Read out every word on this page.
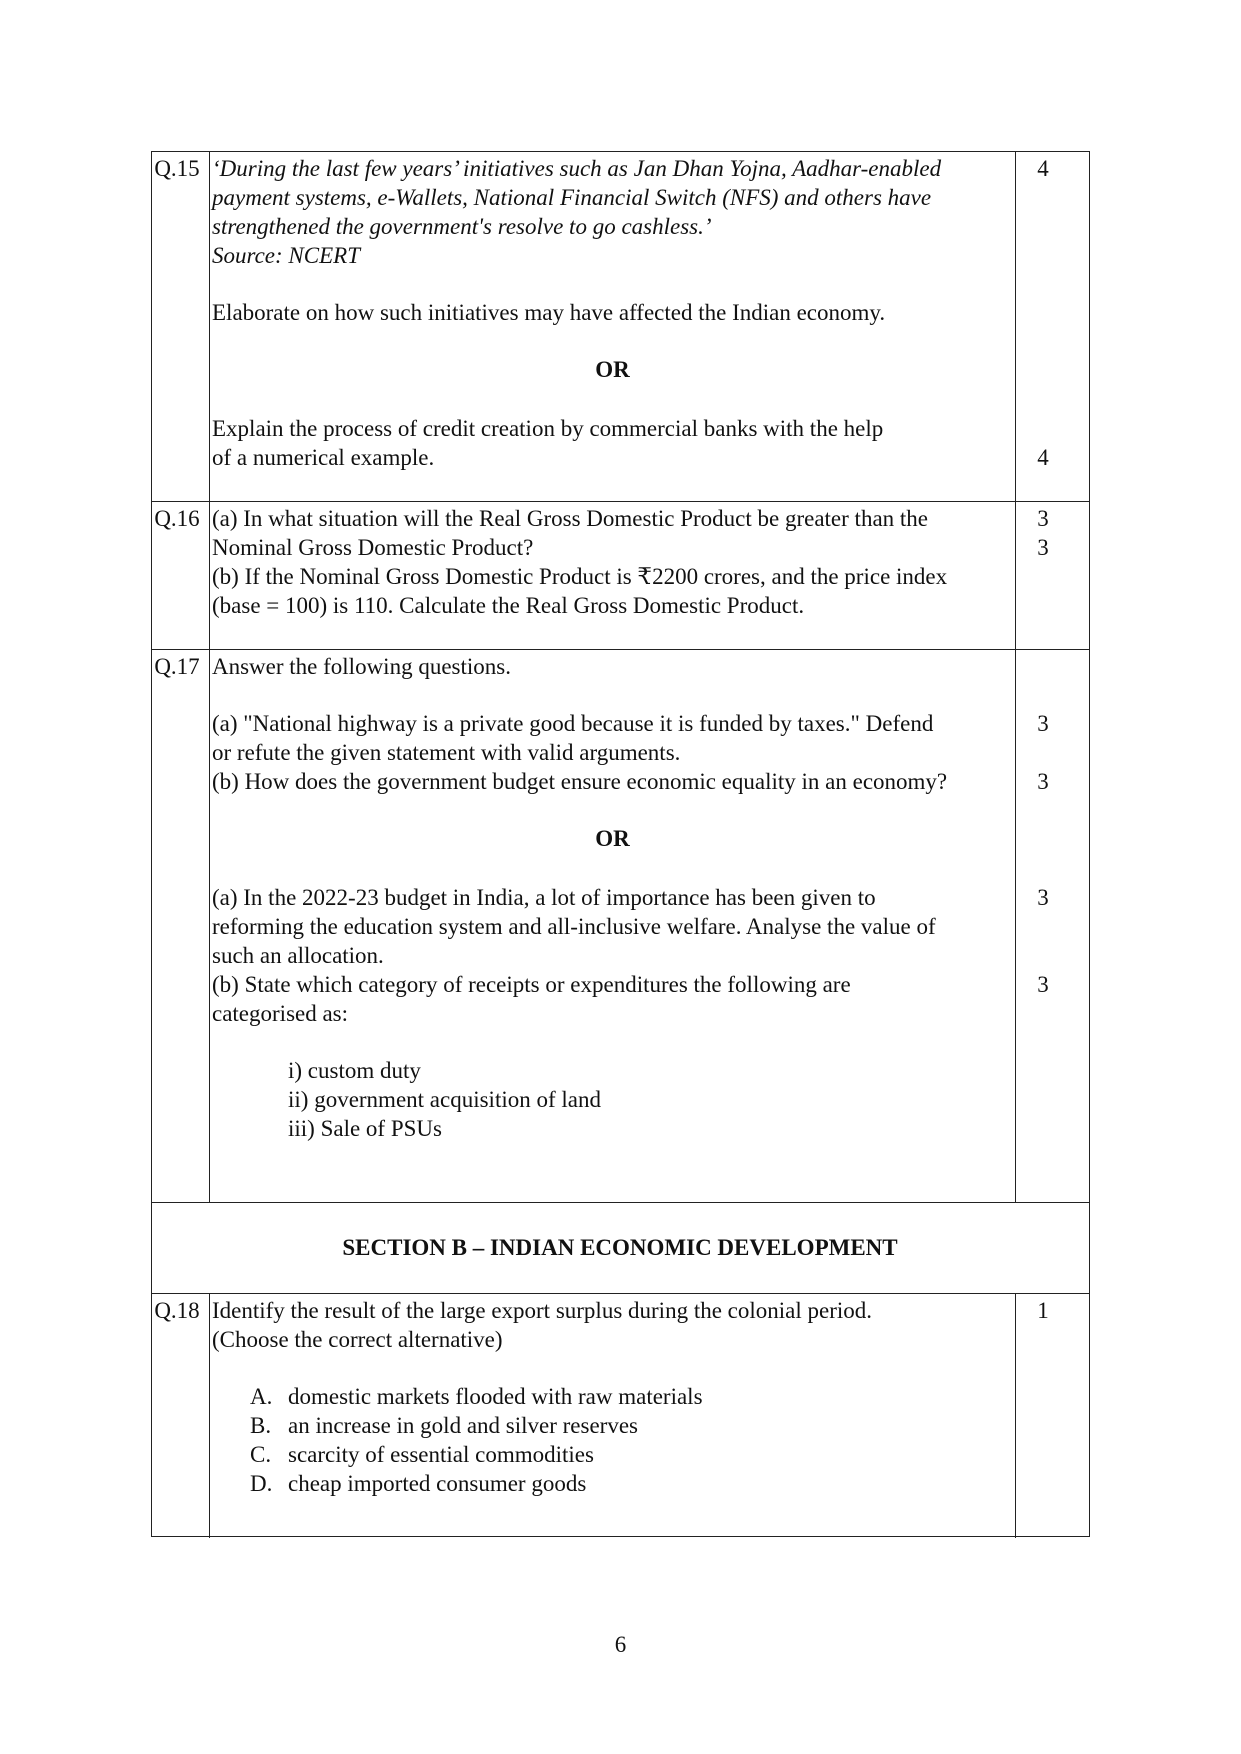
Q.15 ‘During the last few years’ initiatives such as Jan Dhan Yojna, Aadhar-enabled
payment systems, e-Wallets, National Financial Switch (NFS) and others have
strengthened the government's resolve to go cashless.’
Source: NCERT
Elaborate on how such initiatives may have affected the Indian economy.
OR
Explain the process of credit creation by commercial banks with the help
of a numerical example.
4
4
Q.16 (a) In what situation will the Real Gross Domestic Product be greater than the
Nominal Gross Domestic Product?
(b) If the Nominal Gross Domestic Product is ₹2200 crores, and the price index
(base = 100) is 110. Calculate the Real Gross Domestic Product.
3
3
Q.17 Answer the following questions.
(a) "National highway is a private good because it is funded by taxes." Defend
or refute the given statement with valid arguments.
(b) How does the government budget ensure economic equality in an economy?
OR
(a) In the 2022-23 budget in India, a lot of importance has been given to
reforming the education system and all-inclusive welfare. Analyse the value of
such an allocation.
(b) State which category of receipts or expenditures the following are
categorised as:
i) custom duty
ii) government acquisition of land
iii) Sale of PSUs
3
3
3
3
SECTION B – INDIAN ECONOMIC DEVELOPMENT
Q.18 Identify the result of the large export surplus during the colonial period.
(Choose the correct alternative)
1
A. domestic markets flooded with raw materials
B. an increase in gold and silver reserves
C. scarcity of essential commodities
D. cheap imported consumer goods
6
